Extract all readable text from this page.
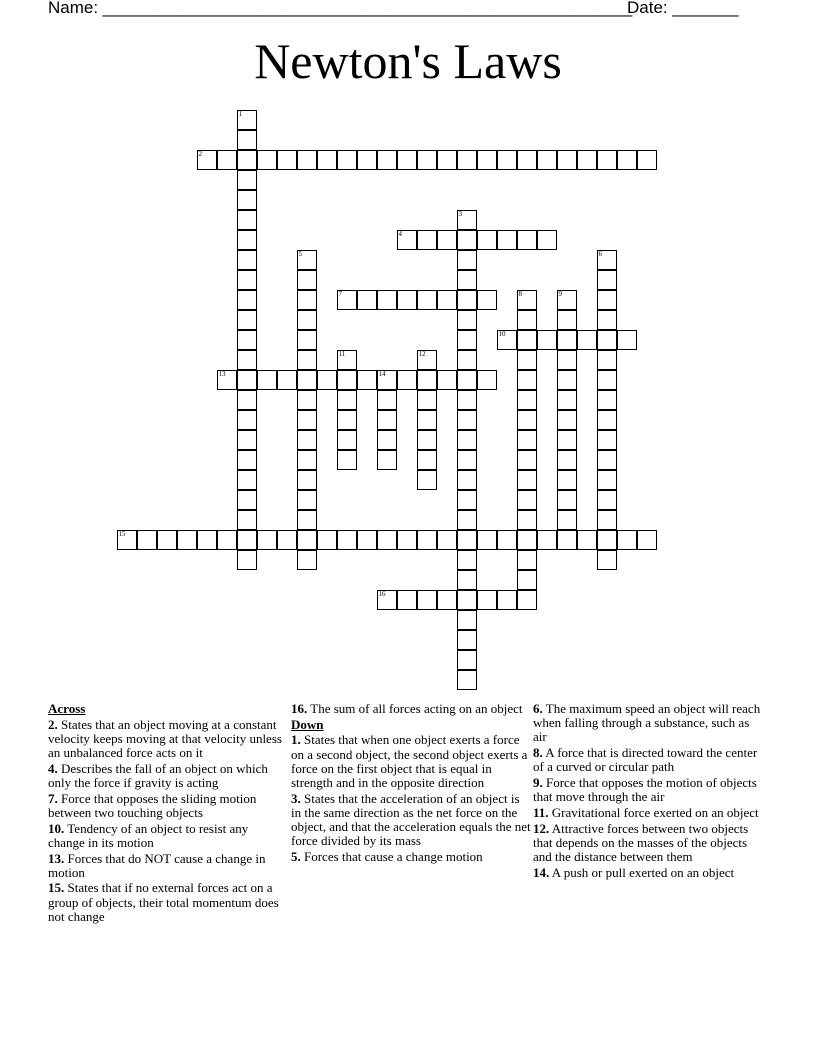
Name: ________________________________________________________
Date: _______
Newton's Laws
1
2
3
4
5	6
7	8	9
10
11	12
13	14
15
16
Across
2. States that an object moving at a constant velocity keeps moving at that velocity unless an unbalanced force acts on it
4. Describes the fall of an object on which only the force if gravity is acting
7. Force that opposes the sliding motion between two touching objects
10. Tendency of an object to resist any change in its motion
13. Forces that do NOT cause a change in motion
15. States that if no external forces act on a group of objects, their total momentum does not change
16. The sum of all forces acting on an object
Down
1. States that when one object exerts a force on a second object, the second object exerts a force on the first object that is equal in strength and in the opposite direction
3. States that the acceleration of an object is in the same direction as the net force on the object, and that the acceleration equals the net force divided by its mass
5. Forces that cause a change motion
6. The maximum speed an object will reach when falling through a substance, such as air
8. A force that is directed toward the center of a curved or circular path
9. Force that opposes the motion of objects that move through the air
11. Gravitational force exerted on an object
12. Attractive forces between two objects that depends on the masses of the objects and the distance between them
14. A push or pull exerted on an object
